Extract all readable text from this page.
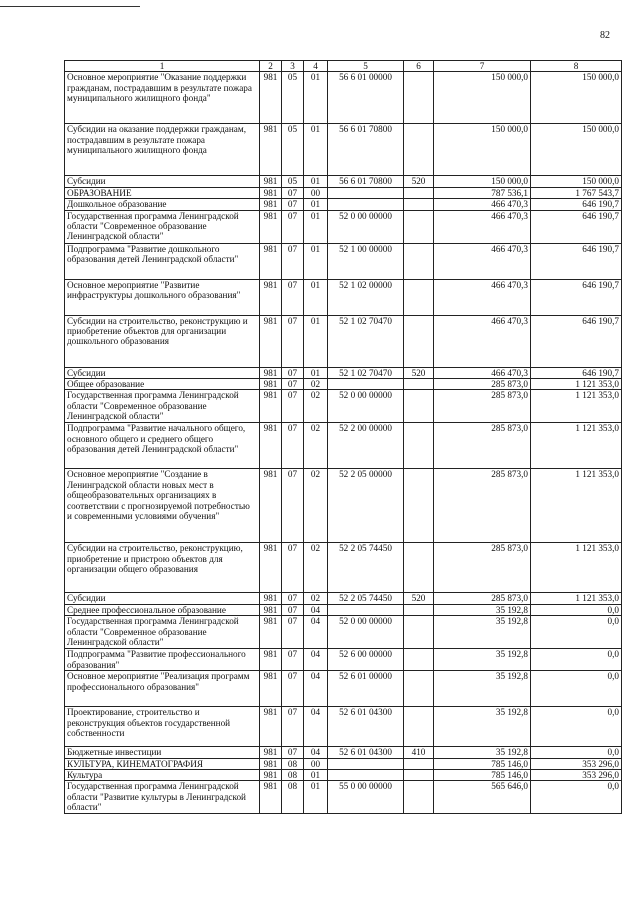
82
1	2	3	4	5	6	7	8
Основное мероприятие "Оказание поддержки гражданам, пострадавшим в результате пожара муниципального жилищного фонда"	981	05	01	56 6 01 00000		150 000,0	150 000,0
Субсидии на оказание поддержки гражданам, пострадавшим в результате пожара муниципального жилищного фонда	981	05	01	56 6 01 70800		150 000,0	150 000,0
Субсидии	981	05	01	56 6 01 70800	520	150 000,0	150 000,0
ОБРАЗОВАНИЕ	981	07	00			787 536,1	1 767 543,7
Дошкольное образование	981	07	01			466 470,3	646 190,7
Государственная программа Ленинградской области "Современное образование Ленинградской области"	981	07	01	52 0 00 00000		466 470,3	646 190,7
Подпрограмма "Развитие дошкольного образования детей Ленинградской области"	981	07	01	52 1 00 00000		466 470,3	646 190,7
Основное мероприятие "Развитие инфраструктуры дошкольного образования"	981	07	01	52 1 02 00000		466 470,3	646 190,7
Субсидии на строительство, реконструкцию и приобретение объектов для организации дошкольного образования	981	07	01	52 1 02 70470		466 470,3	646 190,7
Субсидии	981	07	01	52 1 02 70470	520	466 470,3	646 190,7
Общее образование	981	07	02			285 873,0	1 121 353,0
Государственная программа Ленинградской области "Современное образование Ленинградской области"	981	07	02	52 0 00 00000		285 873,0	1 121 353,0
Подпрограмма "Развитие начального общего, основного общего и среднего общего образования детей Ленинградской области"	981	07	02	52 2 00 00000		285 873,0	1 121 353,0
Основное мероприятие "Создание в Ленинградской области новых мест в общеобразовательных организациях в соответствии с прогнозируемой потребностью и современными условиями обучения"	981	07	02	52 2 05 00000		285 873,0	1 121 353,0
Субсидии на строительство, реконструкцию, приобретение и пристрою объектов для организации общего образования	981	07	02	52 2 05 74450		285 873,0	1 121 353,0
Субсидии	981	07	02	52 2 05 74450	520	285 873,0	1 121 353,0
Среднее профессиональное образование	981	07	04			35 192,8	0,0
Государственная программа Ленинградской области "Современное образование Ленинградской области"	981	07	04	52 0 00 00000		35 192,8	0,0
Подпрограмма "Развитие профессионального образования"	981	07	04	52 6 00 00000		35 192,8	0,0
Основное мероприятие "Реализация программ профессионального образования"	981	07	04	52 6 01 00000		35 192,8	0,0
Проектирование, строительство и реконструкция объектов государственной собственности	981	07	04	52 6 01 04300		35 192,8	0,0
Бюджетные инвестиции	981	07	04	52 6 01 04300	410	35 192,8	0,0
КУЛЬТУРА, КИНЕМАТОГРАФИЯ	981	08	00			785 146,0	353 296,0
Культура	981	08	01			785 146,0	353 296,0
Государственная программа Ленинградской области "Развитие культуры в Ленинградской области"	981	08	01	55 0 00 00000		565 646,0	0,0
